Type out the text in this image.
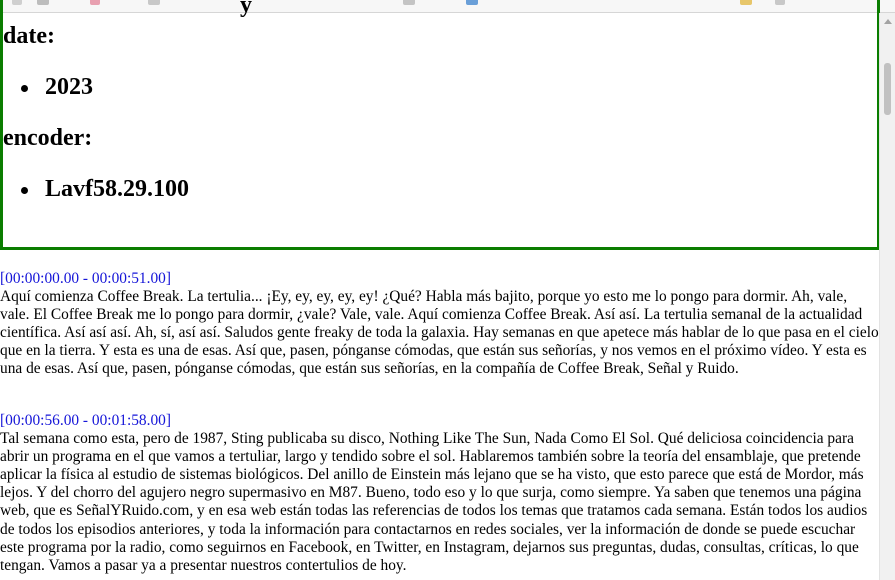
y
date:
2023
encoder:
Lavf58.29.100
[00:00:00.00 - 00:00:51.00]

Aquí comienza Coffee Break. La tertulia... ¡Ey, ey, ey, ey, ey! ¿Qué? Habla más bajito, porque yo esto me lo pongo para dormir. Ah, vale, vale. El Coffee Break me lo pongo para dormir, ¿vale? Vale, vale. Aquí comienza Coffee Break. Así así. La tertulia semanal de la actualidad científica. Así así así. Ah, sí, así así. Saludos gente freaky de toda la galaxia. Hay semanas en que apetece más hablar de lo que pasa en el cielo que en la tierra. Y esta es una de esas. Así que, pasen, pónganse cómodas, que están sus señorías, y nos vemos en el próximo vídeo. Y esta es una de esas. Así que, pasen, pónganse cómodas, que están sus señorías, en la compañía de Coffee Break, Señal y Ruido.

[00:00:56.00 - 00:01:58.00]

Tal semana como esta, pero de 1987, Sting publicaba su disco, Nothing Like The Sun, Nada Como El Sol. Qué deliciosa coincidencia para abrir un programa en el que vamos a tertuliar, largo y tendido sobre el sol. Hablaremos también sobre la teoría del ensamblaje, que pretende aplicar la física al estudio de sistemas biológicos. Del anillo de Einstein más lejano que se ha visto, que esto parece que está de Mordor, más lejos. Y del chorro del agujero negro supermasivo en M87. Bueno, todo eso y lo que surja, como siempre. Ya saben que tenemos una página web, que es SeñalYRuido.com, y en esa web están todas las referencias de todos los temas que tratamos cada semana. Están todos los audios de todos los episodios anteriores, y toda la información para contactarnos en redes sociales, ver la información de donde se puede escuchar este programa por la radio, como seguirnos en Facebook, en Twitter, en Instagram, dejarnos sus preguntas, dudas, consultas, críticas, lo que tengan. Vamos a pasar ya a presentar nuestros contertulios de hoy.
